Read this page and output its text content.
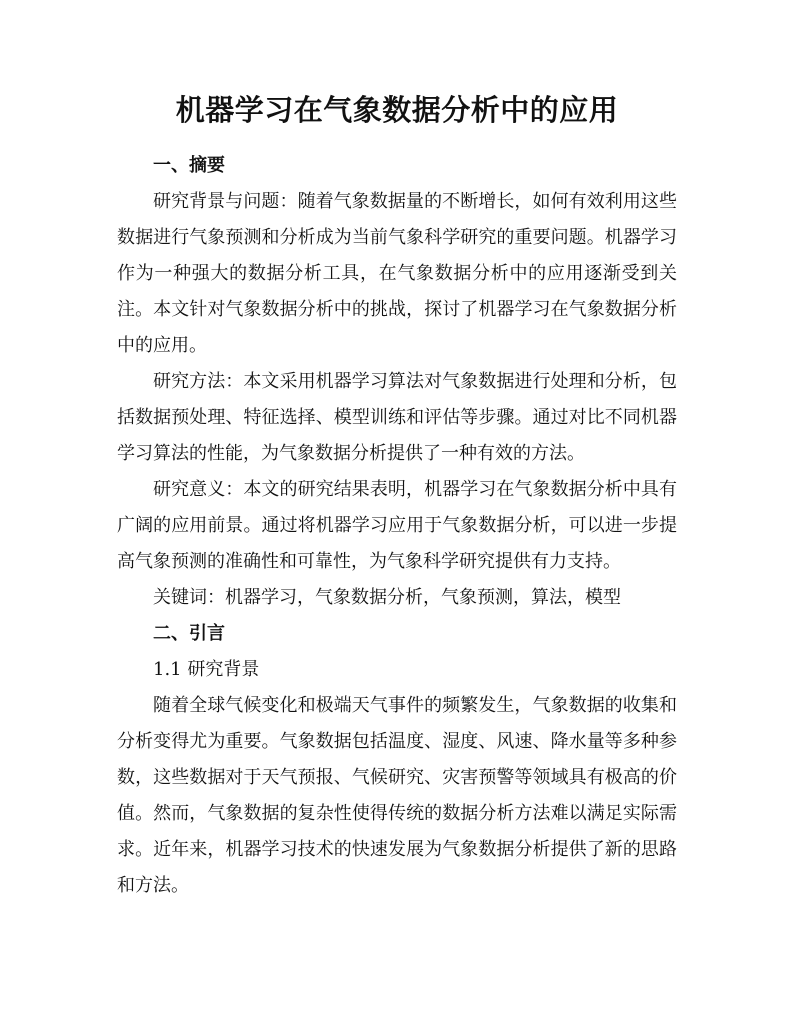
机器学习在气象数据分析中的应用
一、摘要

研究背景与问题：随着气象数据量的不断增长，如何有效利用这些数据进行气象预测和分析成为当前气象科学研究的重要问题。机器学习作为一种强大的数据分析工具，在气象数据分析中的应用逐渐受到关注。本文针对气象数据分析中的挑战，探讨了机器学习在气象数据分析中的应用。

研究方法：本文采用机器学习算法对气象数据进行处理和分析，包括数据预处理、特征选择、模型训练和评估等步骤。通过对比不同机器学习算法的性能，为气象数据分析提供了一种有效的方法。

研究意义：本文的研究结果表明，机器学习在气象数据分析中具有广阔的应用前景。通过将机器学习应用于气象数据分析，可以进一步提高气象预测的准确性和可靠性，为气象科学研究提供有力支持。

关键词：机器学习，气象数据分析，气象预测，算法，模型
二、引言
1.1 研究背景

随着全球气候变化和极端天气事件的频繁发生，气象数据的收集和分析变得尤为重要。气象数据包括温度、湿度、风速、降水量等多种参数，这些数据对于天气预报、气候研究、灾害预警等领域具有极高的价值。然而，气象数据的复杂性使得传统的数据分析方法难以满足实际需求。近年来，机器学习技术的快速发展为气象数据分析提供了新的思路和方法。
